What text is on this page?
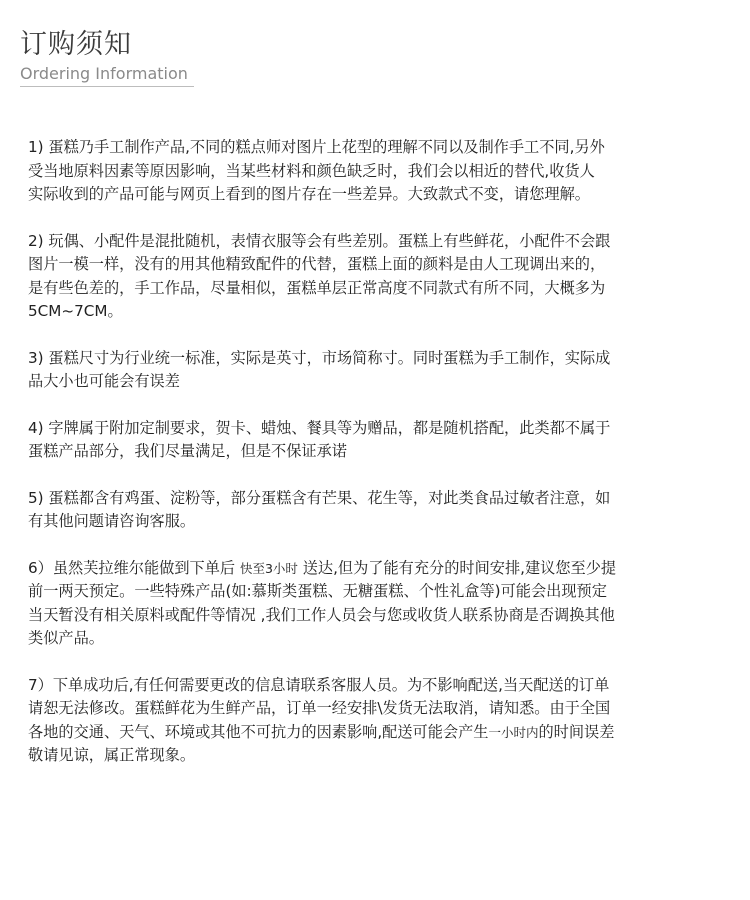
订购须知
Ordering Information

1) 蛋糕乃手工制作产品,不同的糕点师对图片上花型的理解不同以及制作手工不同,另外
受当地原料因素等原因影响，当某些材料和颜色缺乏时，我们会以相近的替代,收货人
实际收到的产品可能与网页上看到的图片存在一些差异。大致款式不变，请您理解。

2) 玩偶、小配件是混批随机，表情衣服等会有些差别。蛋糕上有些鲜花，小配件不会跟
图片一模一样，没有的用其他精致配件的代替，蛋糕上面的颜料是由人工现调出来的，
是有些色差的，手工作品，尽量相似，蛋糕单层正常高度不同款式有所不同，大概多为
5CM~7CM。

3) 蛋糕尺寸为行业统一标准，实际是英寸，市场简称寸。同时蛋糕为手工制作，实际成
品大小也可能会有误差

4) 字牌属于附加定制要求，贺卡、蜡烛、餐具等为赠品，都是随机搭配，此类都不属于
蛋糕产品部分，我们尽量满足，但是不保证承诺

5) 蛋糕都含有鸡蛋、淀粉等，部分蛋糕含有芒果、花生等，对此类食品过敏者注意，如
有其他问题请咨询客服。

6）虽然芙拉维尔能做到下单后 快至3小时 送达,但为了能有充分的时间安排,建议您至少提
前一两天预定。一些特殊产品(如:慕斯类蛋糕、无糖蛋糕、个性礼盒等)可能会出现预定
当天暂没有相关原料或配件等情况 ,我们工作人员会与您或收货人联系协商是否调换其他
类似产品。

7）下单成功后,有任何需要更改的信息请联系客服人员。为不影响配送,当天配送的订单
请恕无法修改。蛋糕鲜花为生鲜产品，订单一经安排\发货无法取消，请知悉。由于全国
各地的交通、天气、环境或其他不可抗力的因素影响,配送可能会产生一小时内的时间误差
敬请见谅，属正常现象。
